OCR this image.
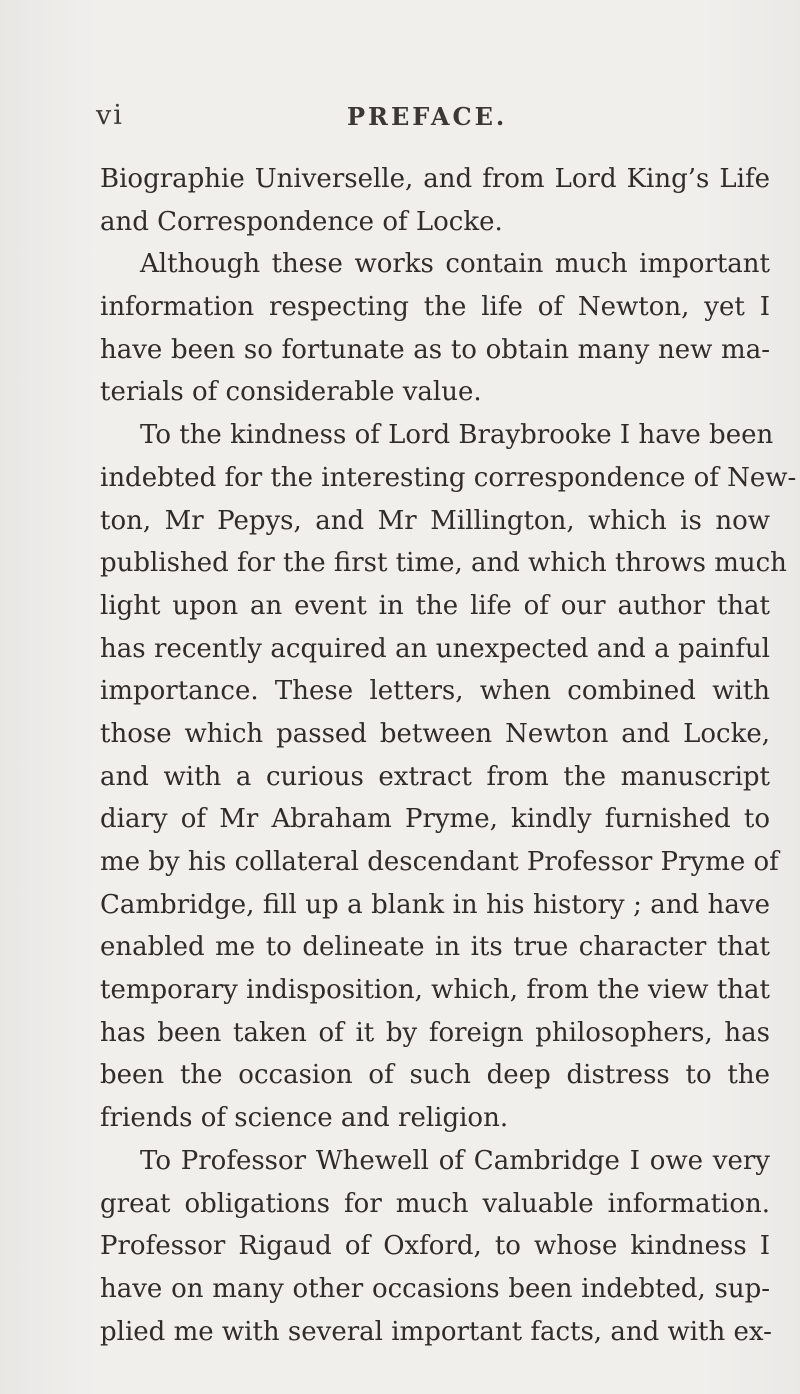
vi	PREFACE.
Biographie Universelle, and from Lord King’s Life
and Correspondence of Locke.
Although these works contain much important
information respecting the life of Newton, yet I
have been so fortunate as to obtain many new ma-
terials of considerable value.
To the kindness of Lord Braybrooke I have been
indebted for the interesting correspondence of New-
ton, Mr Pepys, and Mr Millington, which is now
published for the first time, and which throws much
light upon an event in the life of our author that
has recently acquired an unexpected and a painful
importance. These letters, when combined with
those which passed between Newton and Locke,
and with a curious extract from the manuscript
diary of Mr Abraham Pryme, kindly furnished to
me by his collateral descendant Professor Pryme of
Cambridge, fill up a blank in his history ; and have
enabled me to delineate in its true character that
temporary indisposition, which, from the view that
has been taken of it by foreign philosophers, has
been the occasion of such deep distress to the
friends of science and religion.
To Professor Whewell of Cambridge I owe very
great obligations for much valuable information.
Professor Rigaud of Oxford, to whose kindness I
have on many other occasions been indebted, sup-
plied me with several important facts, and with ex-
